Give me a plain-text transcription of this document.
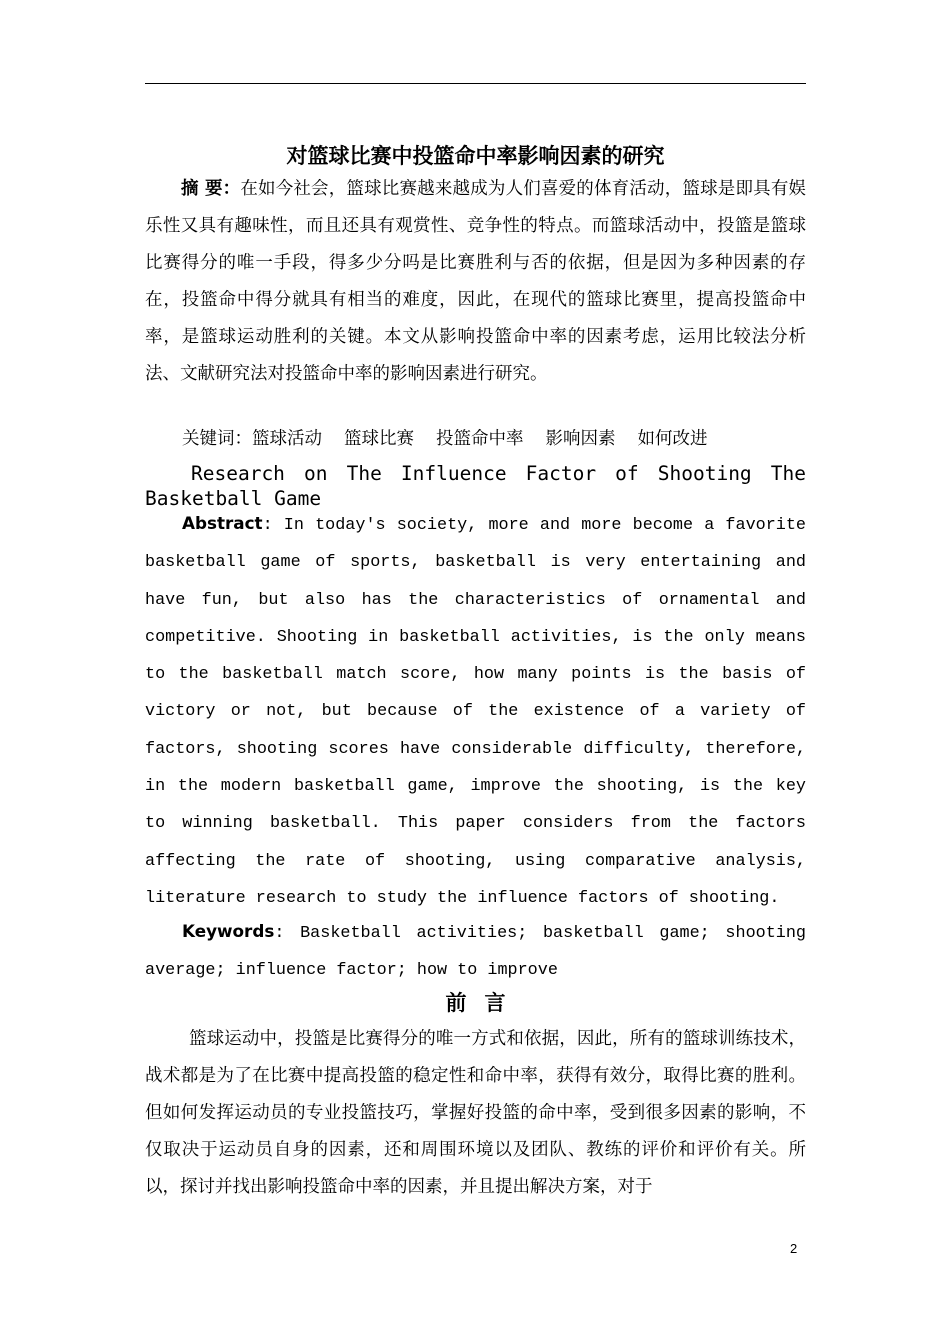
对篮球比赛中投篮命中率影响因素的研究
摘 要：在如今社会，篮球比赛越来越成为人们喜爱的体育活动，篮球是即具有娱乐性又具有趣味性，而且还具有观赏性、竞争性的特点。而篮球活动中，投篮是篮球比赛得分的唯一手段，得多少分吗是比赛胜利与否的依据，但是因为多种因素的存在，投篮命中得分就具有相当的难度，因此，在现代的篮球比赛里，提高投篮命中率，是篮球运动胜利的关键。本文从影响投篮命中率的因素考虑，运用比较法分析法、文献研究法对投篮命中率的影响因素进行研究。
关键词：篮球活动 篮球比赛 投篮命中率 影响因素 如何改进
Research on The Influence Factor of Shooting The Basketball Game
Abstract: In today's society, more and more become a favorite basketball game of sports, basketball is very entertaining and have fun, but also has the characteristics of ornamental and competitive. Shooting in basketball activities, is the only means to the basketball match score, how many points is the basis of victory or not, but because of the existence of a variety of factors, shooting scores have considerable difficulty, therefore, in the modern basketball game, improve the shooting, is the key to winning basketball. This paper considers from the factors affecting the rate of shooting, using comparative analysis, literature research to study the influence factors of shooting.
Keywords: Basketball activities; basketball game; shooting average; influence factor; how to improve
前言
篮球运动中，投篮是比赛得分的唯一方式和依据，因此，所有的篮球训练技术，战术都是为了在比赛中提高投篮的稳定性和命中率，获得有效分，取得比赛的胜利。但如何发挥运动员的专业投篮技巧，掌握好投篮的命中率，受到很多因素的影响，不仅取决于运动员自身的因素，还和周围环境以及团队、教练的评价和评价有关。所以，探讨并找出影响投篮命中率的因素，并且提出解决方案，对于
2
